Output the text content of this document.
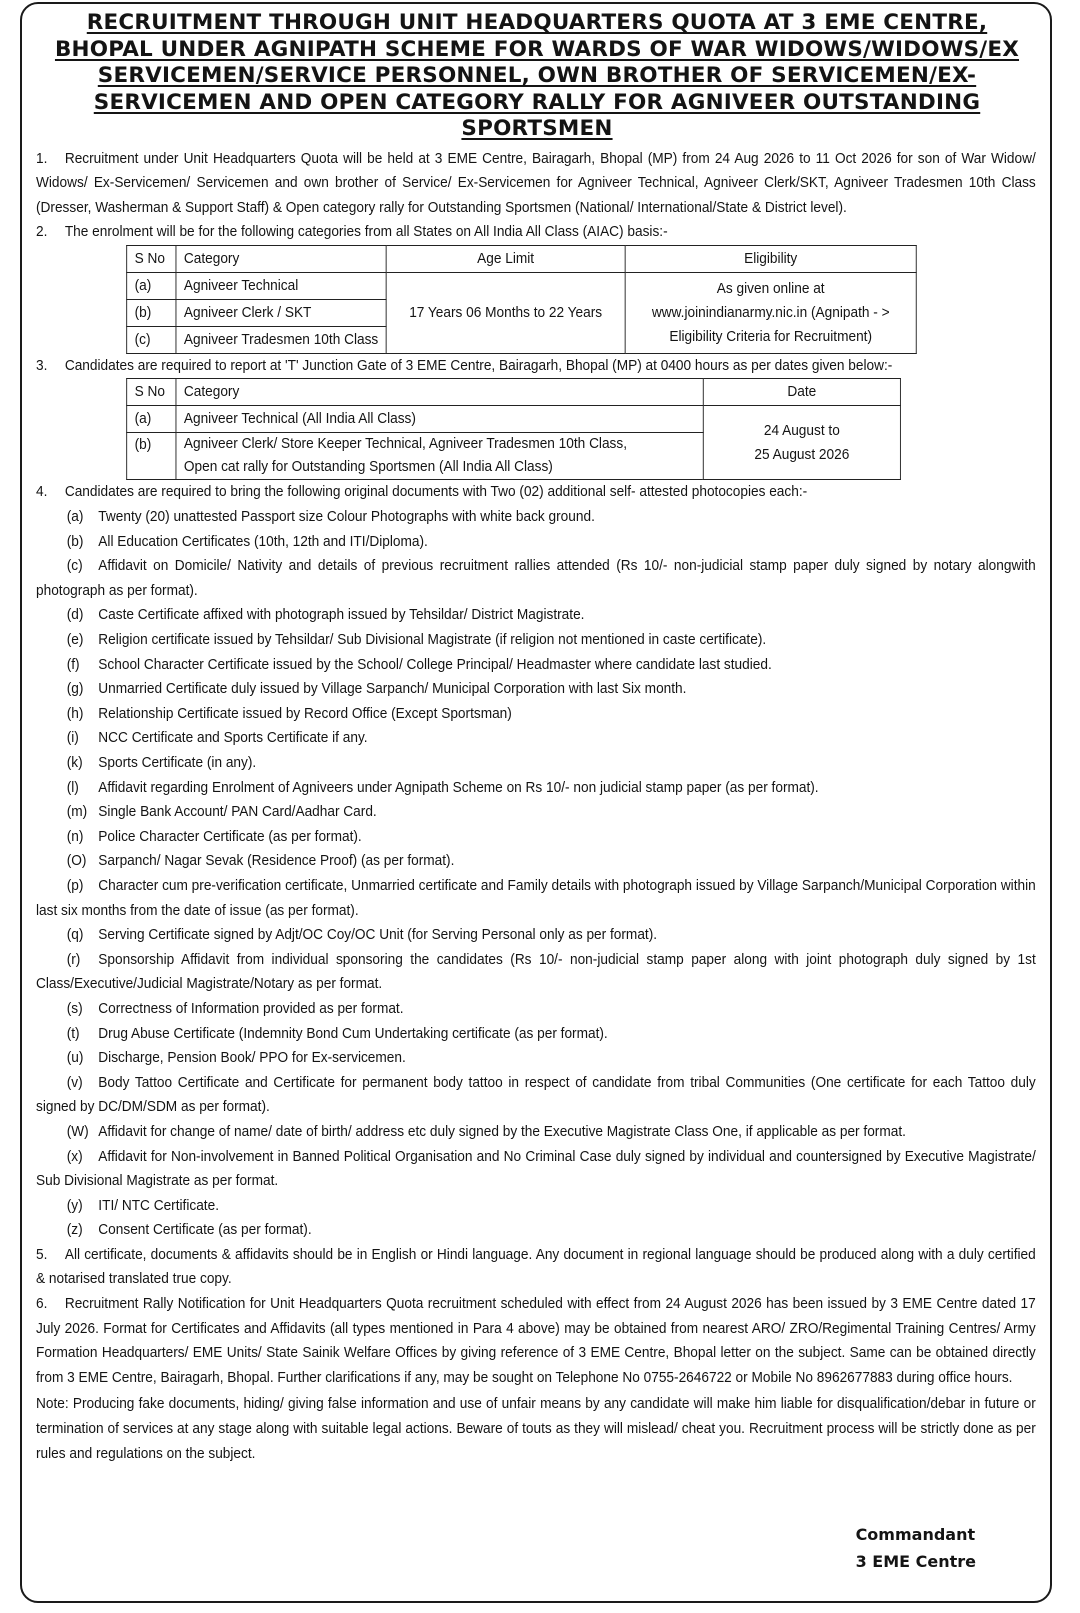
RECRUITMENT THROUGH UNIT HEADQUARTERS QUOTA AT 3 EME CENTRE, BHOPAL UNDER AGNIPATH SCHEME FOR WARDS OF WAR WIDOWS/WIDOWS/EX SERVICEMEN/SERVICE PERSONNEL, OWN BROTHER OF SERVICEMEN/EX-SERVICEMEN AND OPEN CATEGORY RALLY FOR AGNIVEER OUTSTANDING SPORTSMEN

1. Recruitment under Unit Headquarters Quota will be held at 3 EME Centre, Bairagarh, Bhopal (MP) from 24 Aug 2026 to 11 Oct 2026 for son of War Widow/ Widows/ Ex-Servicemen/ Servicemen and own brother of Service/ Ex-Servicemen for Agniveer Technical, Agniveer Clerk/SKT, Agniveer Tradesmen 10th Class (Dresser, Washerman & Support Staff) & Open category rally for Outstanding Sportsmen (National/ International/State & District level).

2. The enrolment will be for the following categories from all States on All India All Class (AIAC) basis:-

S No	Category	Age Limit	Eligibility
(a)	Agniveer Technical	17 Years 06 Months to 22 Years	As given online at
www.joinindianarmy.nic.in (Agnipath - >
Eligibility Criteria for Recruitment)

(b)	Agniveer Clerk / SKT		
(c)	Agniveer Tradesmen 10th Class		

3. Candidates are required to report at 'T' Junction Gate of 3 EME Centre, Bairagarh, Bhopal (MP) at 0400 hours as per dates given below:-

S No	Category	Date
(a)	Agniveer Technical (All India All Class)	24 August to
25 August 2026

(b)	Agniveer Clerk/ Store Keeper Technical, Agniveer Tradesmen 10th Class,
Open cat rally for Outstanding Sportsmen (All India All Class)	

4. Candidates are required to bring the following original documents with Two (02) additional self- attested photocopies each:-

(a) Twenty (20) unattested Passport size Colour Photographs with white back ground.
(b) All Education Certificates (10th, 12th and ITI/Diploma).
(c) Affidavit on Domicile/ Nativity and details of previous recruitment rallies attended (Rs 10/- non-judicial stamp paper duly signed by notary alongwith photograph as per format).
(d) Caste Certificate affixed with photograph issued by Tehsildar/ District Magistrate.
(e) Religion certificate issued by Tehsildar/ Sub Divisional Magistrate (if religion not mentioned in caste certificate).
(f) School Character Certificate issued by the School/ College Principal/ Headmaster where candidate last studied.
(g) Unmarried Certificate duly issued by Village Sarpanch/ Municipal Corporation with last Six month.
(h) Relationship Certificate issued by Record Office (Except Sportsman)
(i) NCC Certificate and Sports Certificate if any.
(k) Sports Certificate (in any).
(l) Affidavit regarding Enrolment of Agniveers under Agnipath Scheme on Rs 10/- non judicial stamp paper (as per format).
(m) Single Bank Account/ PAN Card/Aadhar Card.
(n) Police Character Certificate (as per format).
(O) Sarpanch/ Nagar Sevak (Residence Proof) (as per format).
(p) Character cum pre-verification certificate, Unmarried certificate and Family details with photograph issued by Village Sarpanch/Municipal Corporation within last six months from the date of issue (as per format).
(q) Serving Certificate signed by Adjt/OC Coy/OC Unit (for Serving Personal only as per format).
(r) Sponsorship Affidavit from individual sponsoring the candidates (Rs 10/- non-judicial stamp paper along with joint photograph duly signed by 1st Class/Executive/Judicial Magistrate/Notary as per format.
(s) Correctness of Information provided as per format.
(t) Drug Abuse Certificate (Indemnity Bond Cum Undertaking certificate (as per format).
(u) Discharge, Pension Book/ PPO for Ex-servicemen.
(v) Body Tattoo Certificate and Certificate for permanent body tattoo in respect of candidate from tribal Communities (One certificate for each Tattoo duly signed by DC/DM/SDM as per format).
(W) Affidavit for change of name/ date of birth/ address etc duly signed by the Executive Magistrate Class One, if applicable as per format.
(x) Affidavit for Non-involvement in Banned Political Organisation and No Criminal Case duly signed by individual and countersigned by Executive Magistrate/ Sub Divisional Magistrate as per format.
(y) ITI/ NTC Certificate.
(z) Consent Certificate (as per format).

5. All certificate, documents & affidavits should be in English or Hindi language. Any document in regional language should be produced along with a duly certified & notarised translated true copy.

6. Recruitment Rally Notification for Unit Headquarters Quota recruitment scheduled with effect from 24 August 2026 has been issued by 3 EME Centre dated 17 July 2026. Format for Certificates and Affidavits (all types mentioned in Para 4 above) may be obtained from nearest ARO/ ZRO/Regimental Training Centres/ Army Formation Headquarters/ EME Units/ State Sainik Welfare Offices by giving reference of 3 EME Centre, Bhopal letter on the subject. Same can be obtained directly from 3 EME Centre, Bairagarh, Bhopal. Further clarifications if any, may be sought on Telephone No 0755-2646722 or Mobile No 8962677883 during office hours.

Note: Producing fake documents, hiding/ giving false information and use of unfair means by any candidate will make him liable for disqualification/debar in future or termination of services at any stage along with suitable legal actions. Beware of touts as they will mislead/ cheat you. Recruitment process will be strictly done as per rules and regulations on the subject.

Commandant
3 EME Centre
